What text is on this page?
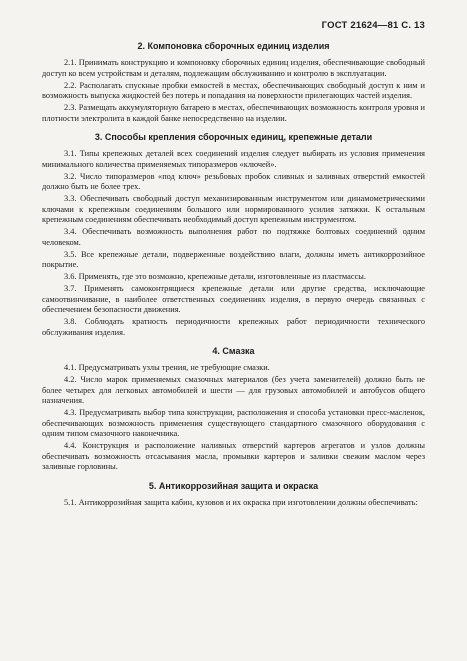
ГОСТ 21624—81 С. 13
2. Компоновка сборочных единиц изделия

2.1. Принимать конструкцию и компоновку сборочных единиц изделия, обеспечивающие свободный доступ ко всем устройствам и деталям, подлежащим обслуживанию и контролю в эксплуатации.

2.2. Располагать спускные пробки емкостей в местах, обеспечивающих свободный доступ к ним и возможность выпуска жидкостей без потерь и попадания на поверхности прилегающих частей изделия.

2.3. Размещать аккумуляторную батарею в местах, обеспечивающих возможность контроля уровня и плотности электролита в каждой банке непосредственно на изделии.

3. Способы крепления сборочных единиц, крепежные детали

3.1. Типы крепежных деталей всех соединений изделия следует выбирать из условия применения минимального количества применяемых типоразмеров «ключей».

3.2. Число типоразмеров «под ключ» резьбовых пробок сливных и заливных отверстий емкостей должно быть не более трех.

3.3. Обеспечивать свободный доступ механизированным инструментом или динамометрическими ключами к крепежным соединениям большого или нормированного усилия затяжки. К остальным крепежным соединениям обеспечивать необходимый доступ крепежным инструментом.

3.4. Обеспечивать возможность выполнения работ по подтяжке болтовых соединений одним человеком.

3.5. Все крепежные детали, подверженные воздействию влаги, должны иметь антикоррозийное покрытие.

3.6. Применять, где это возможно, крепежные детали, изготовленные из пластмассы.

3.7. Применять самоконтрящиеся крепежные детали или другие средства, исключающие самоотвинчивание, в наиболее ответственных соединениях изделия, в первую очередь связанных с обеспечением безопасности движения.

3.8. Соблюдать кратность периодичности крепежных работ периодичности технического обслуживания изделия.

4. Смазка

4.1. Предусматривать узлы трения, не требующие смазки.

4.2. Число марок применяемых смазочных материалов (без учета заменителей) должно быть не более четырех для легковых автомобилей и шести — для грузовых автомобилей и автобусов общего назначения.

4.3. Предусматривать выбор типа конструкции, расположения и способа установки пресс-масленок, обеспечивающих возможность применения существующего стандартного смазочного оборудования с одним типом смазочного наконечника.

4.4. Конструкция и расположение наливных отверстий картеров агрегатов и узлов должны обеспечивать возможность отсасывания масла, промывки картеров и заливки свежим маслом через заливные горловины.

5. Антикоррозийная защита и окраска

5.1. Антикоррозийная защита кабин, кузовов и их окраска при изготовлении должны обеспечивать:
